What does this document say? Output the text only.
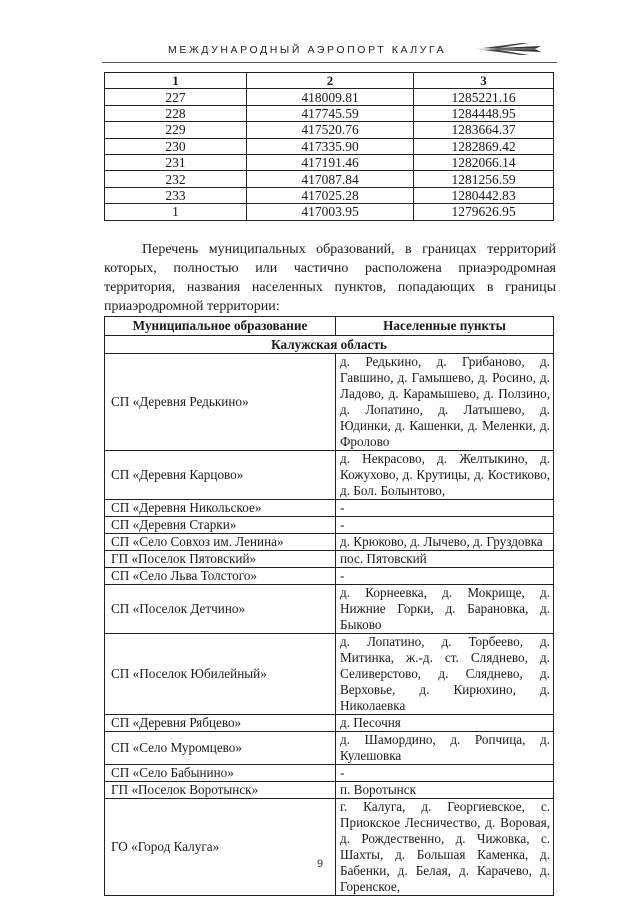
МЕЖДУНАРОДНЫЙ АЭРОПОРТ КАЛУГА
1	2	3
227	418009.81	1285221.16
228	417745.59	1284448.95
229	417520.76	1283664.37
230	417335.90	1282869.42
231	417191.46	1282066.14
232	417087.84	1281256.59
233	417025.28	1280442.83
1	417003.95	1279626.95
Перечень муниципальных образований, в границах территорий которых, полностью или частично расположена приаэродромная территория, названия населенных пунктов, попадающих в границы приаэродромной территории:
Муниципальное образование	Населенные пункты
Калужская область	
СП «Деревня Редькино»	д. Редькино, д. Грибаново, д. Гавшино, д. Гамышево, д. Росино, д. Ладово, д. Карамышево, д. Ползино, д. Лопатино, д. Латышево, д. Юдинки, д. Кашенки, д. Меленки, д. Фролово
СП «Деревня Карцово»	д. Некрасово, д. Желтыкино, д. Кожухово, д. Крутицы, д. Костиково, д. Бол. Болынтово,
СП «Деревня Никольское»	-
СП «Деревня Старки»	-
СП «Село Совхоз им. Ленина»	д. Крюково, д. Лычево, д. Груздовка
ГП «Поселок Пятовский»	пос. Пятовский
СП «Село Льва Толстого»	-
СП «Поселок Детчино»	д. Корнеевка, д. Мокрище, д. Нижние Горки, д. Барановка, д. Быково
СП «Поселок Юбилейный»	д. Лопатино, д. Торбеево, д. Митинка, ж.-д. ст. Сляднево, д. Селиверстово, д. Сляднево, д. Верховье, д. Кирюхино, д. Николаевка
СП «Деревня Рябцево»	д. Песочня
СП «Село Муромцево»	д. Шамордино, д. Ропчица, д. Кулешовка
СП «Село Бабынино»	-
ГП «Поселок Воротынск»	п. Воротынск
ГО «Город Калуга»	г. Калуга, д. Георгиевское, с. Приокское Лесничество, д. Воровая, д. Рождественно, д. Чижовка, с. Шахты, д. Большая Каменка, д. Бабенки, д. Белая, д. Карачево, д. Горенское,
9
